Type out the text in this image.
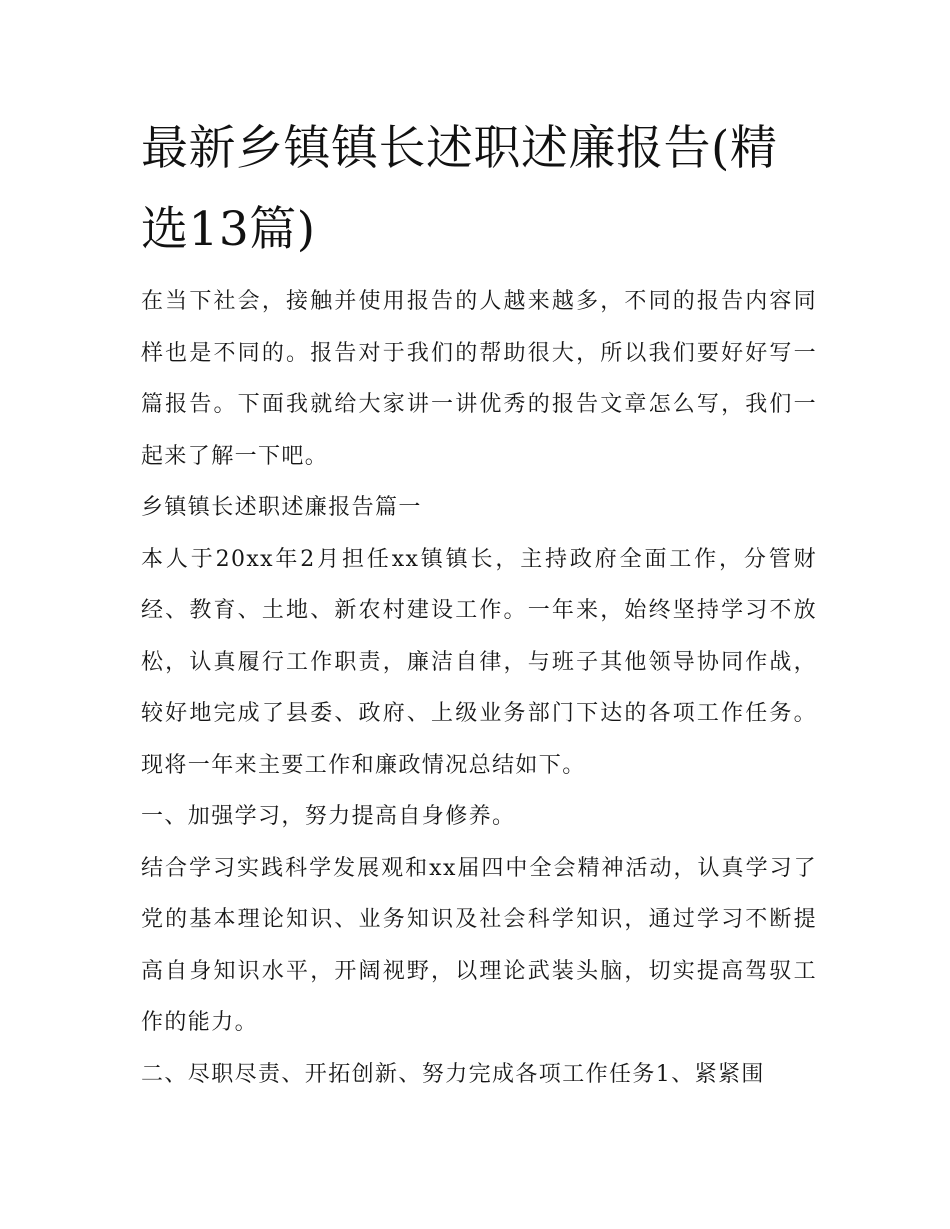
最新乡镇镇长述职述廉报告(精选13篇)

在当下社会，接触并使用报告的人越来越多，不同的报告内容同样也是不同的。报告对于我们的帮助很大，所以我们要好好写一篇报告。下面我就给大家讲一讲优秀的报告文章怎么写，我们一起来了解一下吧。

乡镇镇长述职述廉报告篇一

本人于20xx年2月担任xx镇镇长，主持政府全面工作，分管财经、教育、土地、新农村建设工作。一年来，始终坚持学习不放松，认真履行工作职责，廉洁自律，与班子其他领导协同作战，较好地完成了县委、政府、上级业务部门下达的各项工作任务。现将一年来主要工作和廉政情况总结如下。

一、加强学习，努力提高自身修养。

结合学习实践科学发展观和xx届四中全会精神活动，认真学习了党的基本理论知识、业务知识及社会科学知识，通过学习不断提高自身知识水平，开阔视野，以理论武装头脑，切实提高驾驭工作的能力。

二、尽职尽责、开拓创新、努力完成各项工作任务1、紧紧围
